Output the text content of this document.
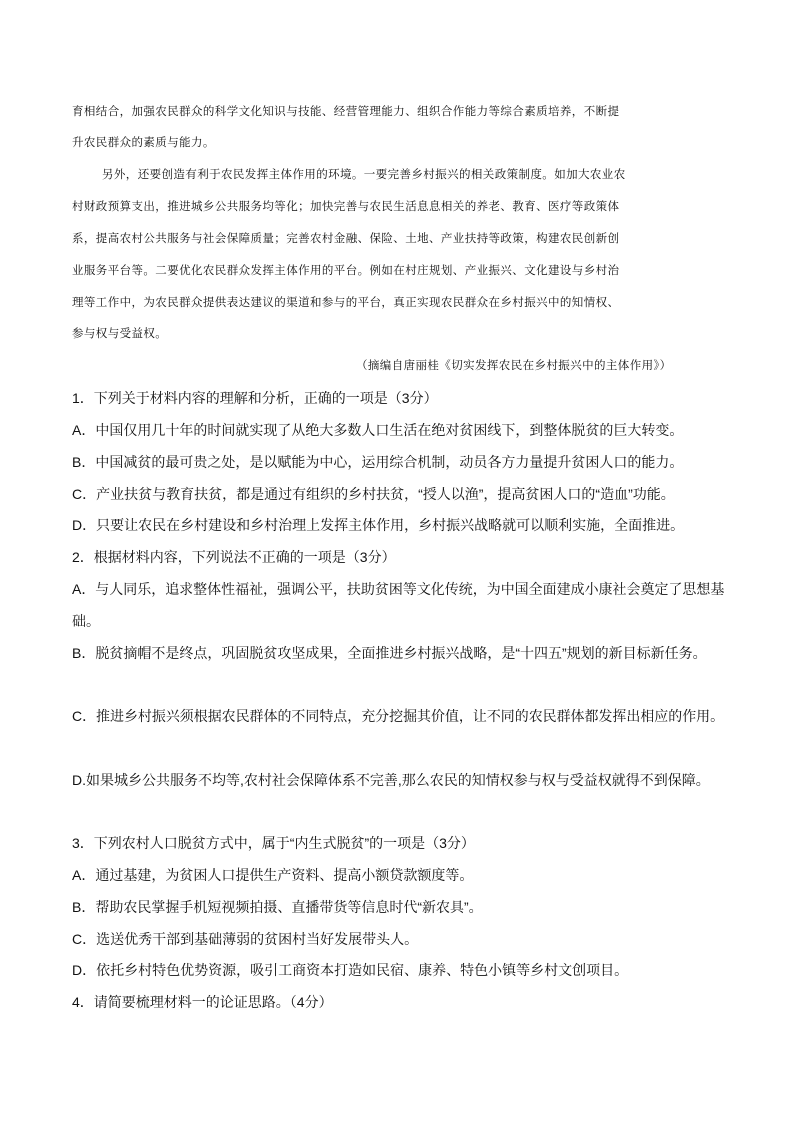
育相结合，加强农民群众的科学文化知识与技能、经营管理能力、组织合作能力等综合素质培养，不断提
升农民群众的素质与能力。
另外，还要创造有利于农民发挥主体作用的环境。一要完善乡村振兴的相关政策制度。如加大农业农
村财政预算支出，推进城乡公共服务均等化；加快完善与农民生活息息相关的养老、教育、医疗等政策体
系，提高农村公共服务与社会保障质量；完善农村金融、保险、土地、产业扶持等政策，构建农民创新创
业服务平台等。二要优化农民群众发挥主体作用的平台。例如在村庄规划、产业振兴、文化建设与乡村治
理等工作中，为农民群众提供表达建议的渠道和参与的平台，真正实现农民群众在乡村振兴中的知情权、
参与权与受益权。
（摘编自唐丽桂《切实发挥农民在乡村振兴中的主体作用》）
1．下列关于材料内容的理解和分析，正确的一项是（3分）
A．中国仅用几十年的时间就实现了从绝大多数人口生活在绝对贫困线下，到整体脱贫的巨大转变。
B．中国减贫的最可贵之处，是以赋能为中心，运用综合机制，动员各方力量提升贫困人口的能力。
C．产业扶贫与教育扶贫，都是通过有组织的乡村扶贫，“授人以渔”，提高贫困人口的“造血”功能。
D．只要让农民在乡村建设和乡村治理上发挥主体作用，乡村振兴战略就可以顺利实施，全面推进。
2．根据材料内容，下列说法不正确的一项是（3分）
A．与人同乐，追求整体性福祉，强调公平，扶助贫困等文化传统，为中国全面建成小康社会奠定了思想基
础。
B．脱贫摘帽不是终点，巩固脱贫攻坚成果，全面推进乡村振兴战略，是“十四五”规划的新目标新任务。
C．推进乡村振兴须根据农民群体的不同特点，充分挖掘其价值，让不同的农民群体都发挥出相应的作用。
D.如果城乡公共服务不均等,农村社会保障体系不完善,那么农民的知情权参与权与受益权就得不到保障。
3．下列农村人口脱贫方式中，属于“内生式脱贫”的一项是（3分）
A．通过基建，为贫困人口提供生产资料、提高小额贷款额度等。
B．帮助农民掌握手机短视频拍摄、直播带货等信息时代“新农具”。
C．选送优秀干部到基础薄弱的贫困村当好发展带头人。
D．依托乡村特色优势资源，吸引工商资本打造如民宿、康养、特色小镇等乡村文创项目。
4．请简要梳理材料一的论证思路。（4分）
